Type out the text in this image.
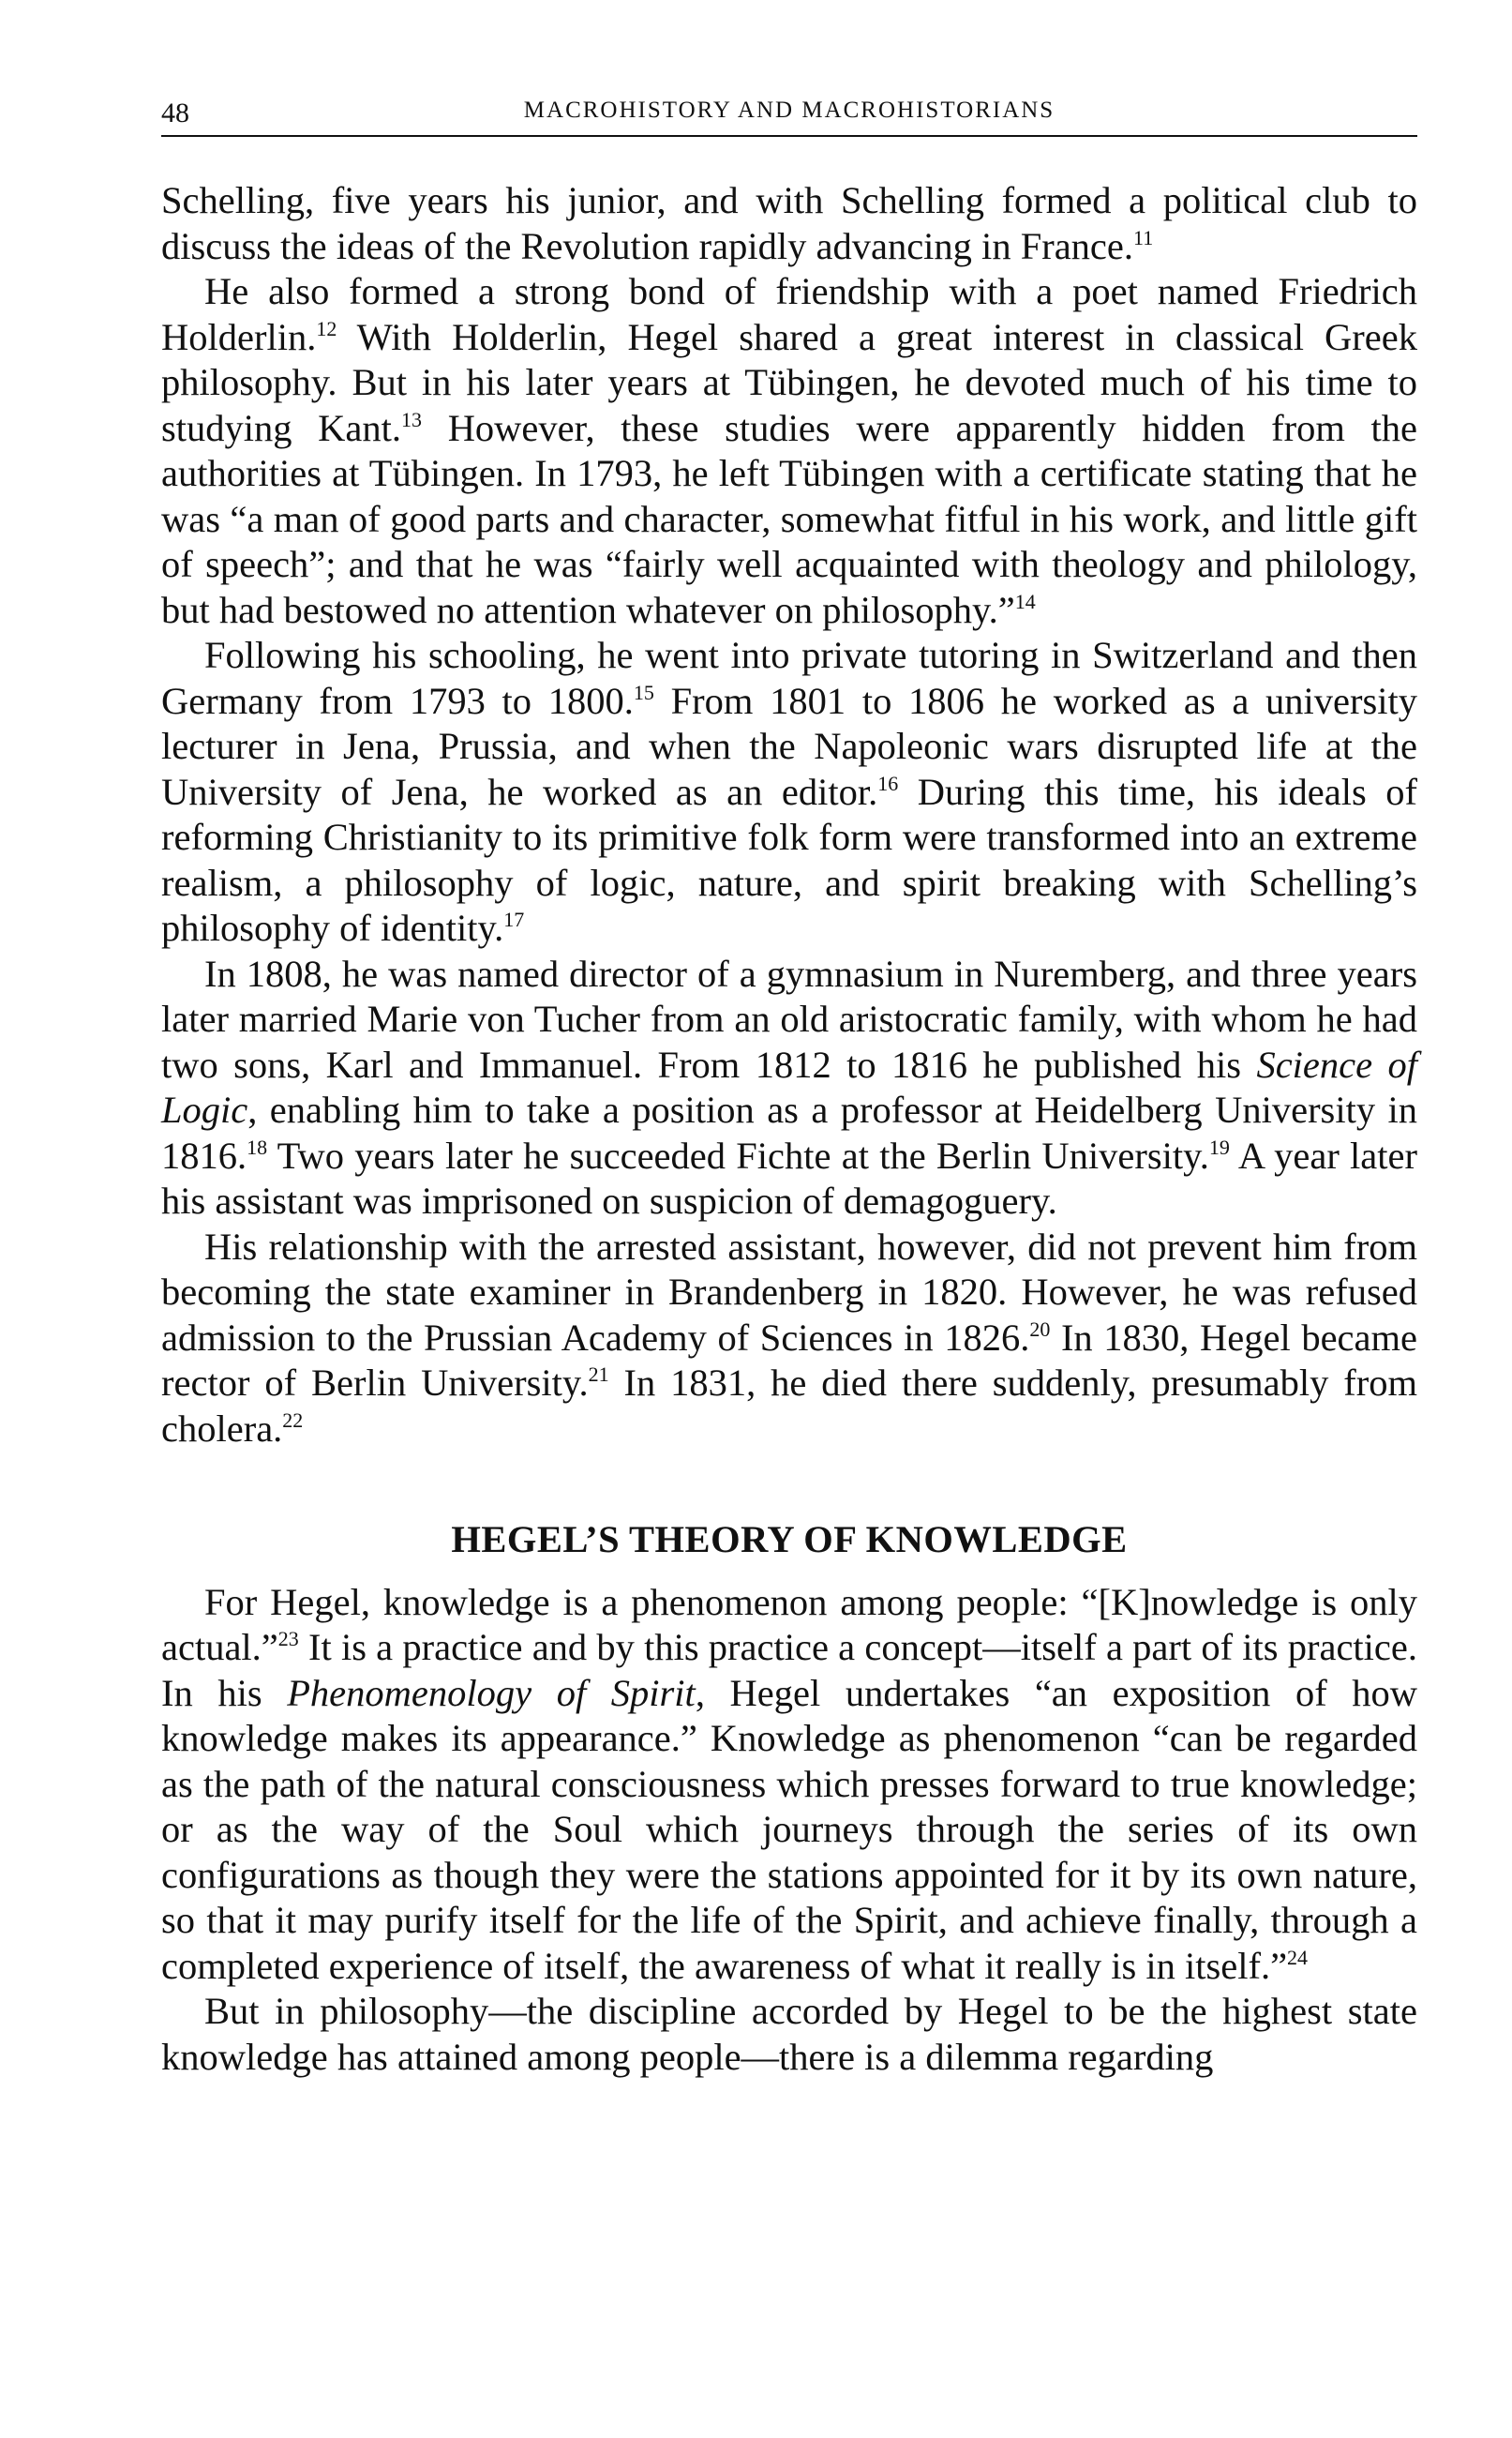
48	MACROHISTORY AND MACROHISTORIANS

Schelling, five years his junior, and with Schelling formed a political club to discuss the ideas of the Revolution rapidly advancing in France.$^{11}$

He also formed a strong bond of friendship with a poet named Friedrich Holderlin.$^{12}$ With Holderlin, Hegel shared a great interest in classical Greek philosophy. But in his later years at Tübingen, he devoted much of his time to studying Kant.$^{13}$ However, these studies were apparently hidden from the authorities at Tübingen. In 1793, he left Tübingen with a certificate stating that he was “a man of good parts and character, somewhat fitful in his work, and little gift of speech”; and that he was “fairly well acquainted with theology and philology, but had bestowed no attention whatever on philosophy.”$^{14}$

Following his schooling, he went into private tutoring in Switzerland and then Germany from 1793 to 1800.15 From 1801 to 1806 he worked as a university lecturer in Jena, Prussia, and when the Napoleonic wars disrupted life at the University of Jena, he worked as an editor.$^{16}$ During this time, his ideals of reforming Christianity to its primitive folk form were transformed into an extreme realism, a philosophy of logic, nature, and spirit breaking with Schelling’s philosophy of identity.$^{17}$

In 1808, he was named director of a gymnasium in Nuremberg, and three years later married Marie von Tucher from an old aristocratic family, with whom he had two sons, Karl and Immanuel. From 1812 to 1816 he published his Science of Logic, enabling him to take a position as a professor at Heidelberg University in 1816.18 Two years later he succeeded Fichte at the Berlin University.$^{19}$ A year later his assistant was imprisoned on suspicion of demagoguery.

His relationship with the arrested assistant, however, did not prevent him from becoming the state examiner in Brandenberg in 1820. However, he was refused admission to the Prussian Academy of Sciences in 1826.20 In 1830, Hegel became rector of Berlin University.$^{21}$ In 1831, he died there suddenly, presumably from cholera.$^{22}$

HEGEL’S THEORY OF KNOWLEDGE

For Hegel, knowledge is a phenomenon among people: “[K]nowledge is only actual.”$^{23}$ It is a practice and by this practice a concept—itself a part of its practice. In his Phenomenology of Spirit, Hegel undertakes “an exposition of how knowledge makes its appearance.” Knowledge as phenomenon “can be regarded as the path of the natural consciousness which presses forward to true knowledge; or as the way of the Soul which journeys through the series of its own configurations as though they were the stations appointed for it by its own nature, so that it may purify itself for the life of the Spirit, and achieve finally, through a completed experience of itself, the awareness of what it really is in itself.”$^{24}$

But in philosophy—the discipline accorded by Hegel to be the highest state knowledge has attained among people—there is a dilemma regarding
